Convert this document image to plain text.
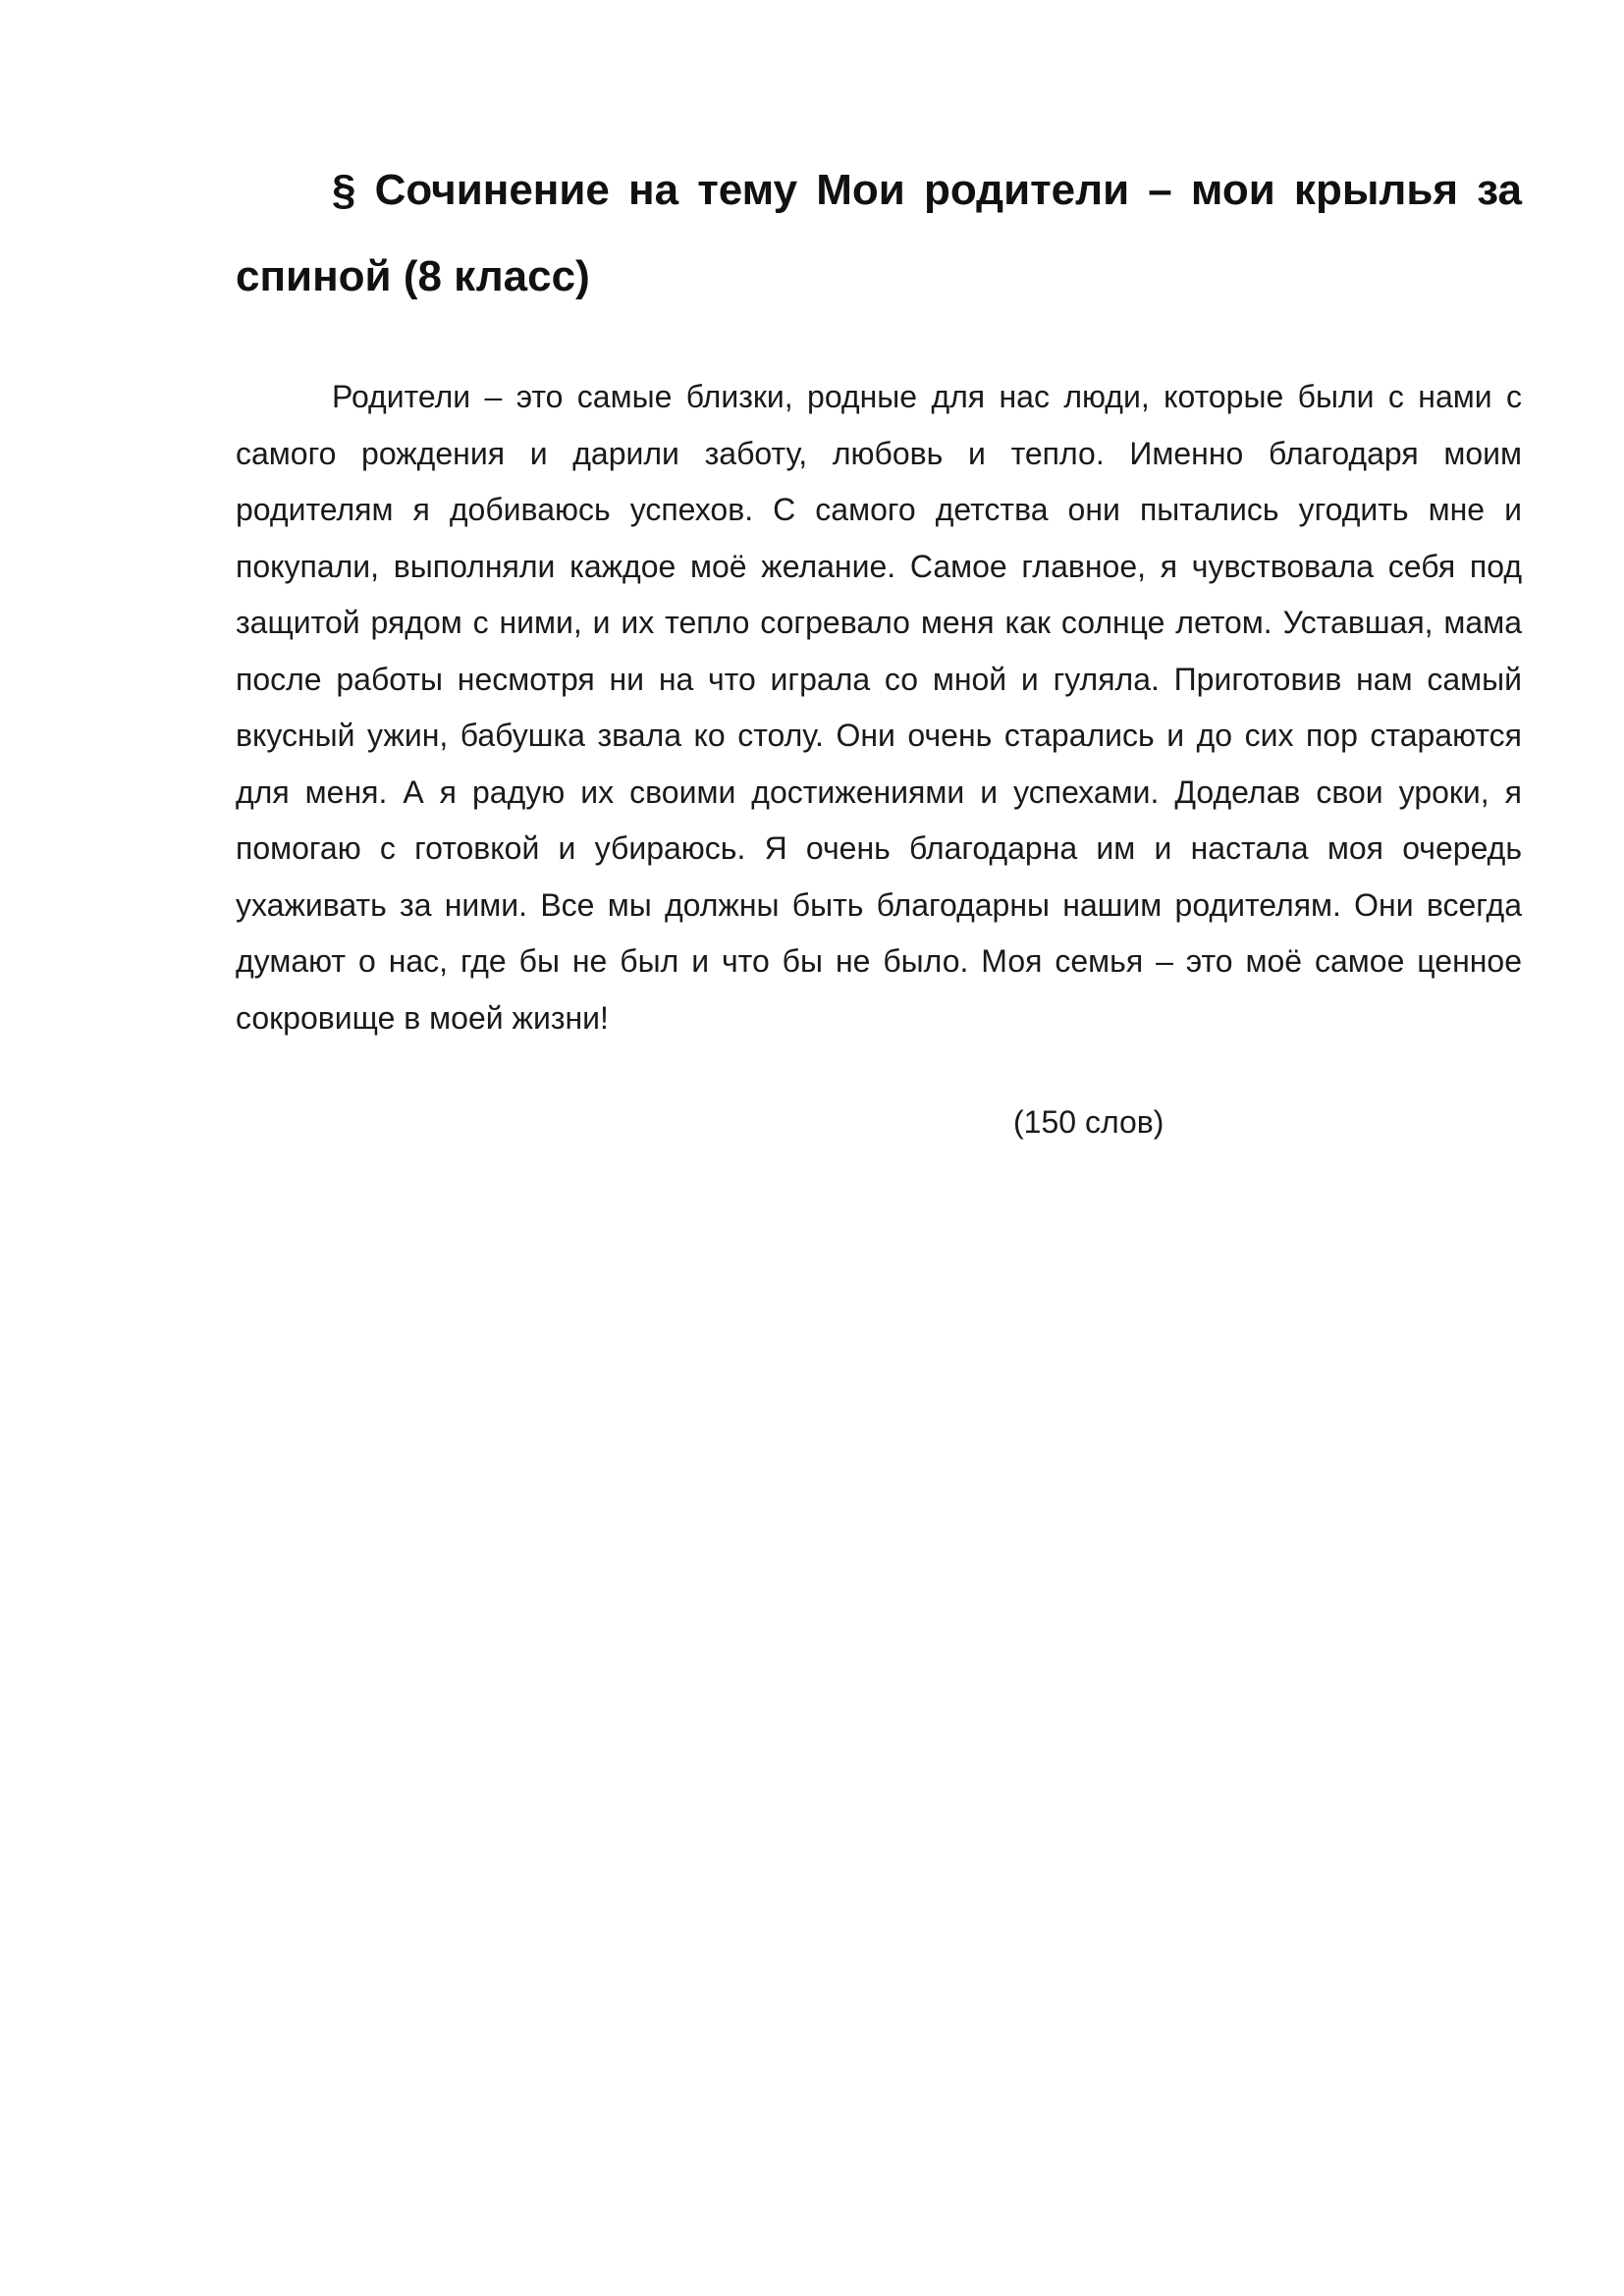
§ Сочинение на тему Мои родители – мои крылья за спиной (8 класс)

Родители – это самые близки, родные для нас люди, которые были с нами с самого рождения и дарили заботу, любовь и тепло. Именно благодаря моим родителям я добиваюсь успехов. С самого детства они пытались угодить мне и покупали, выполняли каждое моё желание. Самое главное, я чувствовала себя под защитой рядом с ними, и их тепло согревало меня как солнце летом. Уставшая, мама после работы несмотря ни на что играла со мной и гуляла. Приготовив нам самый вкусный ужин, бабушка звала ко столу. Они очень старались и до сих пор стараются для меня. А я радую их своими достижениями и успехами. Доделав свои уроки, я помогаю с готовкой и убираюсь. Я очень благодарна им и настала моя очередь ухаживать за ними. Все мы должны быть благодарны нашим родителям. Они всегда думают о нас, где бы не был и что бы не было. Моя семья – это моё самое ценное сокровище в моей жизни!

(150 слов)
